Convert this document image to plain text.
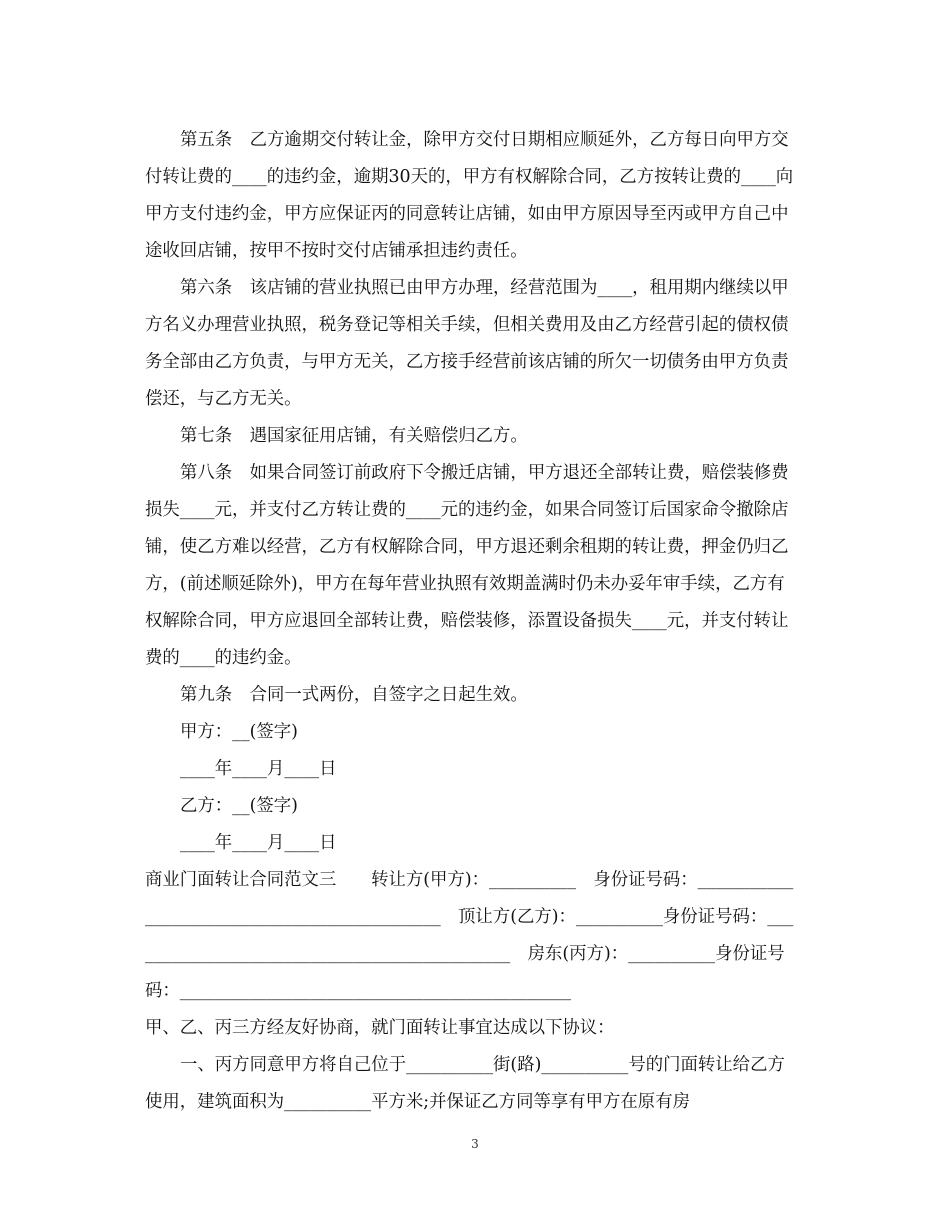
第五条　乙方逾期交付转让金，除甲方交付日期相应顺延外，乙方每日向甲方交付转让费的____的违约金，逾期30天的，甲方有权解除合同，乙方按转让费的____向甲方支付违约金，甲方应保证丙的同意转让店铺，如由甲方原因导至丙或甲方自己中途收回店铺，按甲不按时交付店铺承担违约责任。

第六条　该店铺的营业执照已由甲方办理，经营范围为____，租用期内继续以甲方名义办理营业执照，税务登记等相关手续，但相关费用及由乙方经营引起的债权债务全部由乙方负责，与甲方无关，乙方接手经营前该店铺的所欠一切债务由甲方负责偿还，与乙方无关。

第七条　遇国家征用店铺，有关赔偿归乙方。

第八条　如果合同签订前政府下令搬迁店铺，甲方退还全部转让费，赔偿装修费损失____元，并支付乙方转让费的____元的违约金，如果合同签订后国家命令撤除店铺，使乙方难以经营，乙方有权解除合同，甲方退还剩余租期的转让费，押金仍归乙方，(前述顺延除外)，甲方在每年营业执照有效期盖满时仍未办妥年审手续，乙方有权解除合同，甲方应退回全部转让费，赔偿装修，添置设备损失____元，并支付转让费的____的违约金。

第九条　合同一式两份，自签字之日起生效。

甲方：__(签字)

____年____月____日

乙方：__(签字)

____年____月____日

商业门面转让合同范文三　　转让方(甲方)：__________　身份证号码：_____________________________________________　顶让方(乙方)：__________身份证号码：_____________________________________________　房东(丙方)：__________身份证号码：_____________________________________________

甲、乙、丙三方经友好协商，就门面转让事宜达成以下协议：

一、丙方同意甲方将自己位于__________街(路)__________号的门面转让给乙方使用，建筑面积为__________平方米;并保证乙方同等享有甲方在原有房

3
